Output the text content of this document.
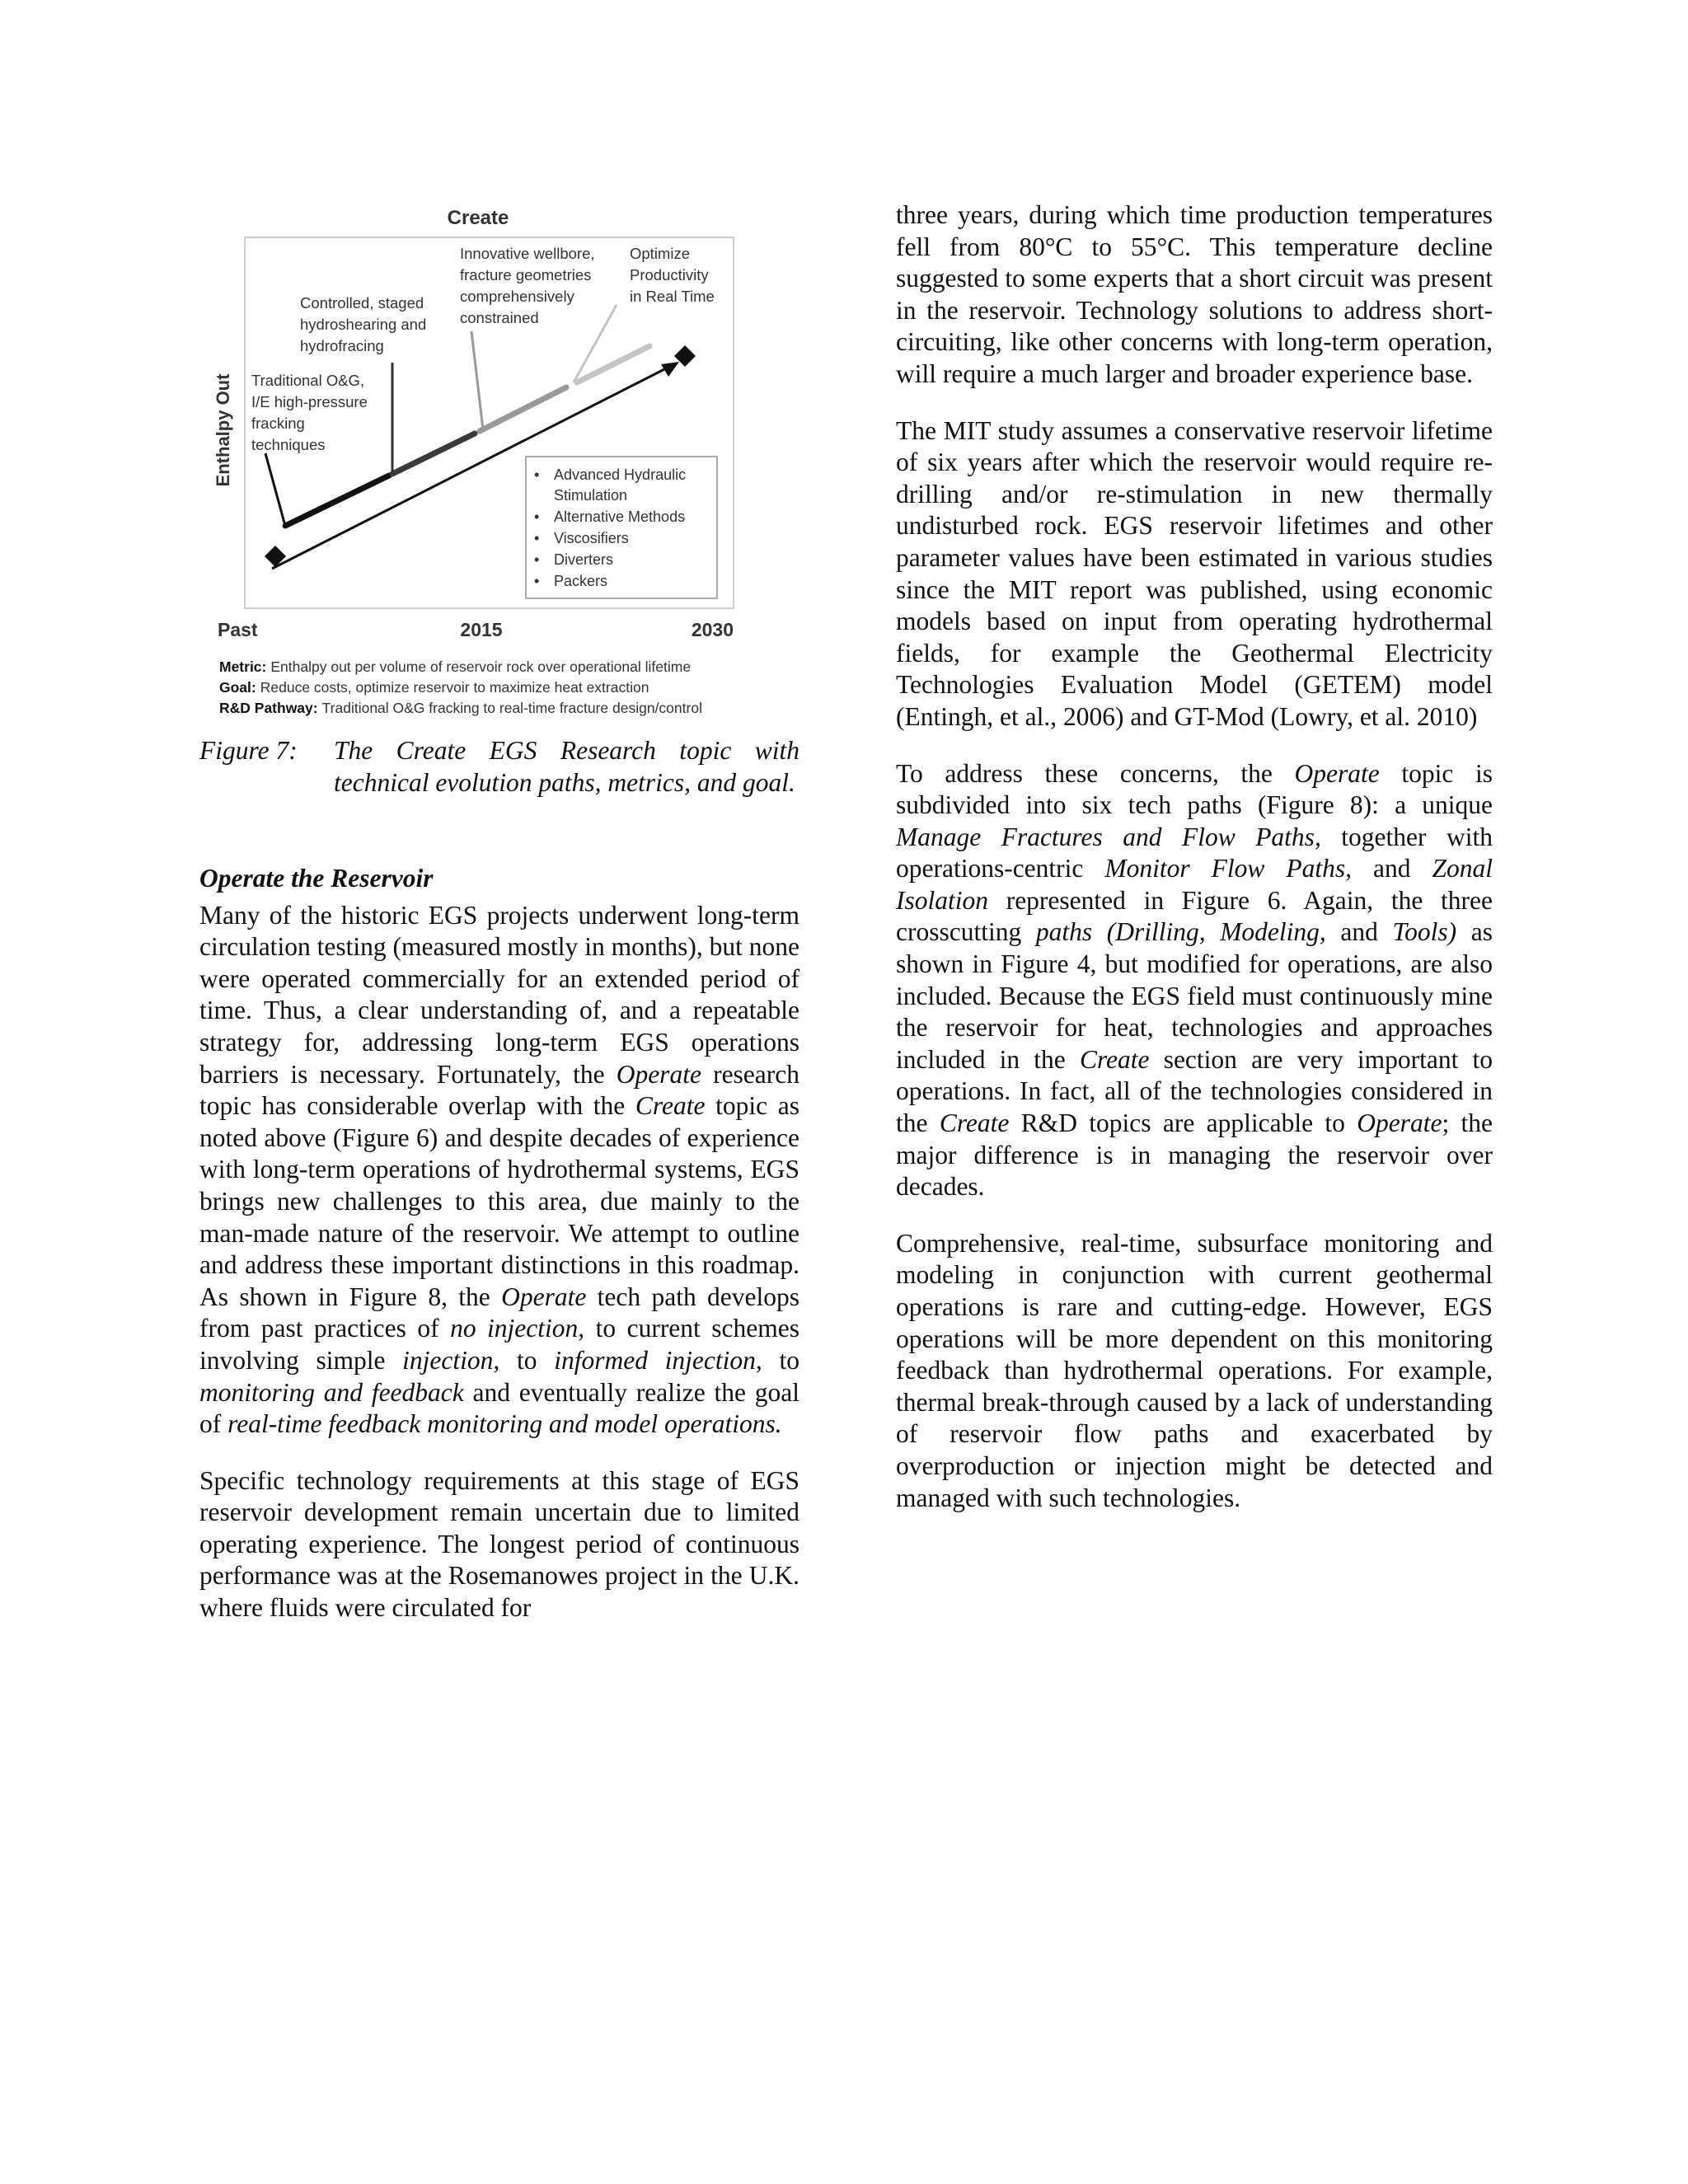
Create
Enthalpy Out Traditional O&G,
I/E high-pressure
fracking
techniques
Controlled, staged
hydroshearing and
hydrofracing
Innovative wellbore,
fracture geometries
comprehensively
constrained
Optimize
Productivity
in Real Time
• Advanced Hydraulic
Stimulation
• Alternative Methods
• Viscosifiers
• Diverters
• Packers
Past	2015	2030
Metric: Enthalpy out per volume of reservoir rock over operational lifetime
Goal: Reduce costs, optimize reservoir to maximize heat extraction
R&D Pathway: Traditional O&G fracking to real-time fracture design/control
Figure 7:	The Create EGS Research topic with technical evolution paths, metrics, and goal.
Operate the Reservoir

Many of the historic EGS projects underwent long-term circulation testing (measured mostly in months), but none were operated commercially for an extended period of time. Thus, a clear understanding of, and a repeatable strategy for, addressing long-term EGS operations barriers is necessary. Fortunately, the Operate research topic has considerable overlap with the Create topic as noted above (Figure 6) and despite decades of experience with long-term operations of hydrothermal systems, EGS brings new challenges to this area, due mainly to the man-made nature of the reservoir. We attempt to outline and address these important distinctions in this roadmap. As shown in Figure 8, the Operate tech path develops from past practices of no injection, to current schemes involving simple injection, to informed injection, to monitoring and feedback and eventually realize the goal of real-time feedback monitoring and model operations.

Specific technology requirements at this stage of EGS reservoir development remain uncertain due to limited operating experience. The longest period of continuous performance was at the Rosemanowes project in the U.K. where fluids were circulated for

three years, during which time production temperatures fell from 80°C to 55°C. This temperature decline suggested to some experts that a short circuit was present in the reservoir. Technology solutions to address short-circuiting, like other concerns with long-term operation, will require a much larger and broader experience base.

The MIT study assumes a conservative reservoir lifetime of six years after which the reservoir would require re-drilling and/or re-stimulation in new thermally undisturbed rock. EGS reservoir lifetimes and other parameter values have been estimated in various studies since the MIT report was published, using economic models based on input from operating hydrothermal fields, for example the Geothermal Electricity Technologies Evaluation Model (GETEM) model (Entingh, et al., 2006) and GT-Mod (Lowry, et al. 2010)

To address these concerns, the Operate topic is subdivided into six tech paths (Figure 8): a unique Manage Fractures and Flow Paths, together with operations-centric Monitor Flow Paths, and Zonal Isolation represented in Figure 6. Again, the three crosscutting paths (Drilling, Modeling, and Tools) as shown in Figure 4, but modified for operations, are also included. Because the EGS field must continuously mine the reservoir for heat, technologies and approaches included in the Create section are very important to operations. In fact, all of the technologies considered in the Create R&D topics are applicable to Operate; the major difference is in managing the reservoir over decades.

Comprehensive, real-time, subsurface monitoring and modeling in conjunction with current geothermal operations is rare and cutting-edge. However, EGS operations will be more dependent on this monitoring feedback than hydrothermal operations. For example, thermal break-through caused by a lack of understanding of reservoir flow paths and exacerbated by overproduction or injection might be detected and managed with such technologies.
